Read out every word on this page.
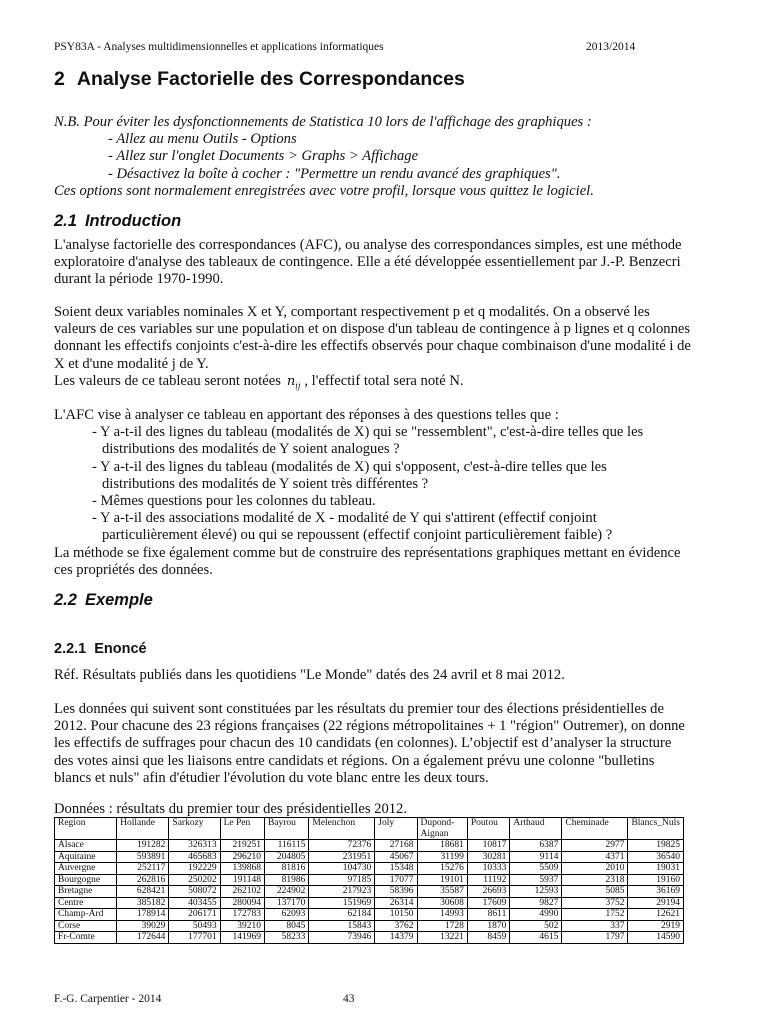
PSY83A - Analyses multidimensionnelles et applications informatiques	2013/2014
2 Analyse Factorielle des Correspondances
N.B. Pour éviter les dysfonctionnements de Statistica 10 lors de l'affichage des graphiques :
- Allez au menu Outils - Options
- Allez sur l'onglet Documents > Graphs > Affichage
- Désactivez la boîte à cocher : "Permettre un rendu avancé des graphiques".
Ces options sont normalement enregistrées avec votre profil, lorsque vous quittez le logiciel.
2.1 Introduction
L'analyse factorielle des correspondances (AFC), ou analyse des correspondances simples, est une méthode exploratoire d'analyse des tableaux de contingence. Elle a été développée essentiellement par J.-P. Benzecri durant la période 1970-1990.
Soient deux variables nominales X et Y, comportant respectivement p et q modalités. On a observé les valeurs de ces variables sur une population et on dispose d'un tableau de contingence à p lignes et q colonnes donnant les effectifs conjoints c'est-à-dire les effectifs observés pour chaque combinaison d'une modalité i de X et d'une modalité j de Y.
Les valeurs de ce tableau seront notées $n_{ij}$ , l'effectif total sera noté N.
L'AFC vise à analyser ce tableau en apportant des réponses à des questions telles que :
- Y a-t-il des lignes du tableau (modalités de X) qui se "ressemblent", c'est-à-dire telles que les
distributions des modalités de Y soient analogues ?
- Y a-t-il des lignes du tableau (modalités de X) qui s'opposent, c'est-à-dire telles que les
distributions des modalités de Y soient très différentes ?
- Mêmes questions pour les colonnes du tableau.
- Y a-t-il des associations modalité de X - modalité de Y qui s'attirent (effectif conjoint
particulièrement élevé) ou qui se repoussent (effectif conjoint particulièrement faible) ?
La méthode se fixe également comme but de construire des représentations graphiques mettant en évidence ces propriétés des données.
2.2 Exemple
2.2.1 Enoncé
Réf. Résultats publiés dans les quotidiens "Le Monde" datés des 24 avril et 8 mai 2012.
Les données qui suivent sont constituées par les résultats du premier tour des élections présidentielles de 2012. Pour chacune des 23 régions françaises (22 régions métropolitaines + 1 "région" Outremer), on donne les effectifs de suffrages pour chacun des 10 candidats (en colonnes). L’objectif est d’analyser la structure des votes ainsi que les liaisons entre candidats et régions. On a également prévu une colonne "bulletins blancs et nuls" afin d'étudier l'évolution du vote blanc entre les deux tours.
Données : résultats du premier tour des présidentielles 2012.
Region	Hollande	Sarkozy	Le Pen	Bayrou	Melenchon	Joly	Dupond-Aignan	Poutou	Arthaud	Cheminade	Blancs_Nuls
Alsace	191282	326313	219251	116115	72376	27168	18681	10817	6387	2977	19825
Aquitaine	593891	465683	296210	204805	231951	45067	31199	30281	9114	4371	36540
Auvergne	252117	192229	139868	81816	104730	15348	15276	10333	5509	2010	19031
Bourgogne	262816	250202	191148	81986	97185	17077	19101	11192	5937	2318	19160
Bretagne	628421	508072	262102	224902	217923	58396	35587	26693	12593	5085	36169
Centre	385182	403455	280094	137170	151969	26314	30608	17609	9827	3752	29194
Champ-Ard	178914	206171	172783	62093	62184	10150	14993	8611	4990	1752	12621
Corse	39029	50493	39210	8045	15843	3762	1728	1870	502	337	2919
Fr-Comte	172644	177701	141969	58233	73946	14379	13221	8459	4615	1797	14590
F.-G. Carpentier - 2014	43
